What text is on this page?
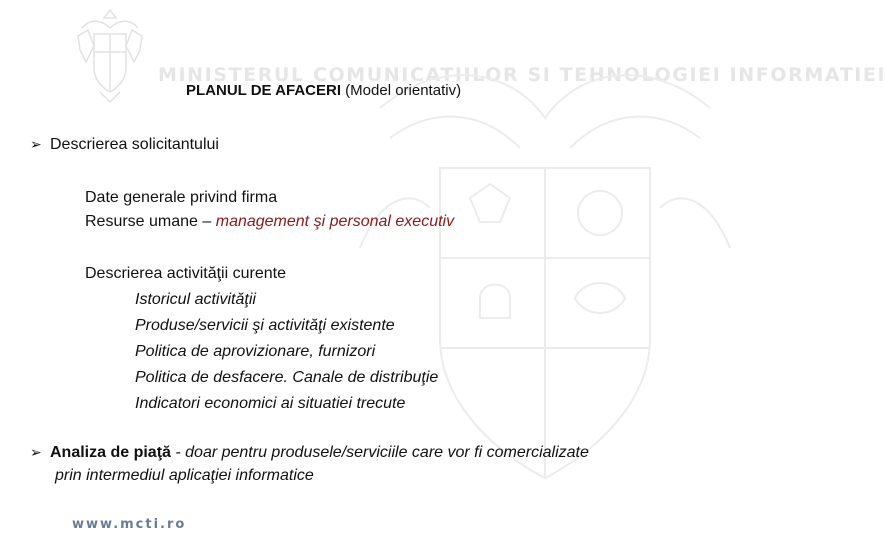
MINISTERUL COMUNICATIILOR SI TEHNOLOGIEI INFORMATIEI
www.mcti.ro
PLANUL DE AFACERI (Model orientativ)
➢ Descrierea solicitantului
Date generale privind firma
Resurse umane – management şi personal executiv
Descrierea activităţii curente
Istoricul activităţii
Produse/servicii şi activităţi existente
Politica de aprovizionare, furnizori
Politica de desfacere. Canale de distribuţie
Indicatori economici ai situatiei trecute
➢ Analiza de piaţă - doar pentru produsele/serviciile care vor fi comercializate
prin intermediul aplicaţiei informatice
